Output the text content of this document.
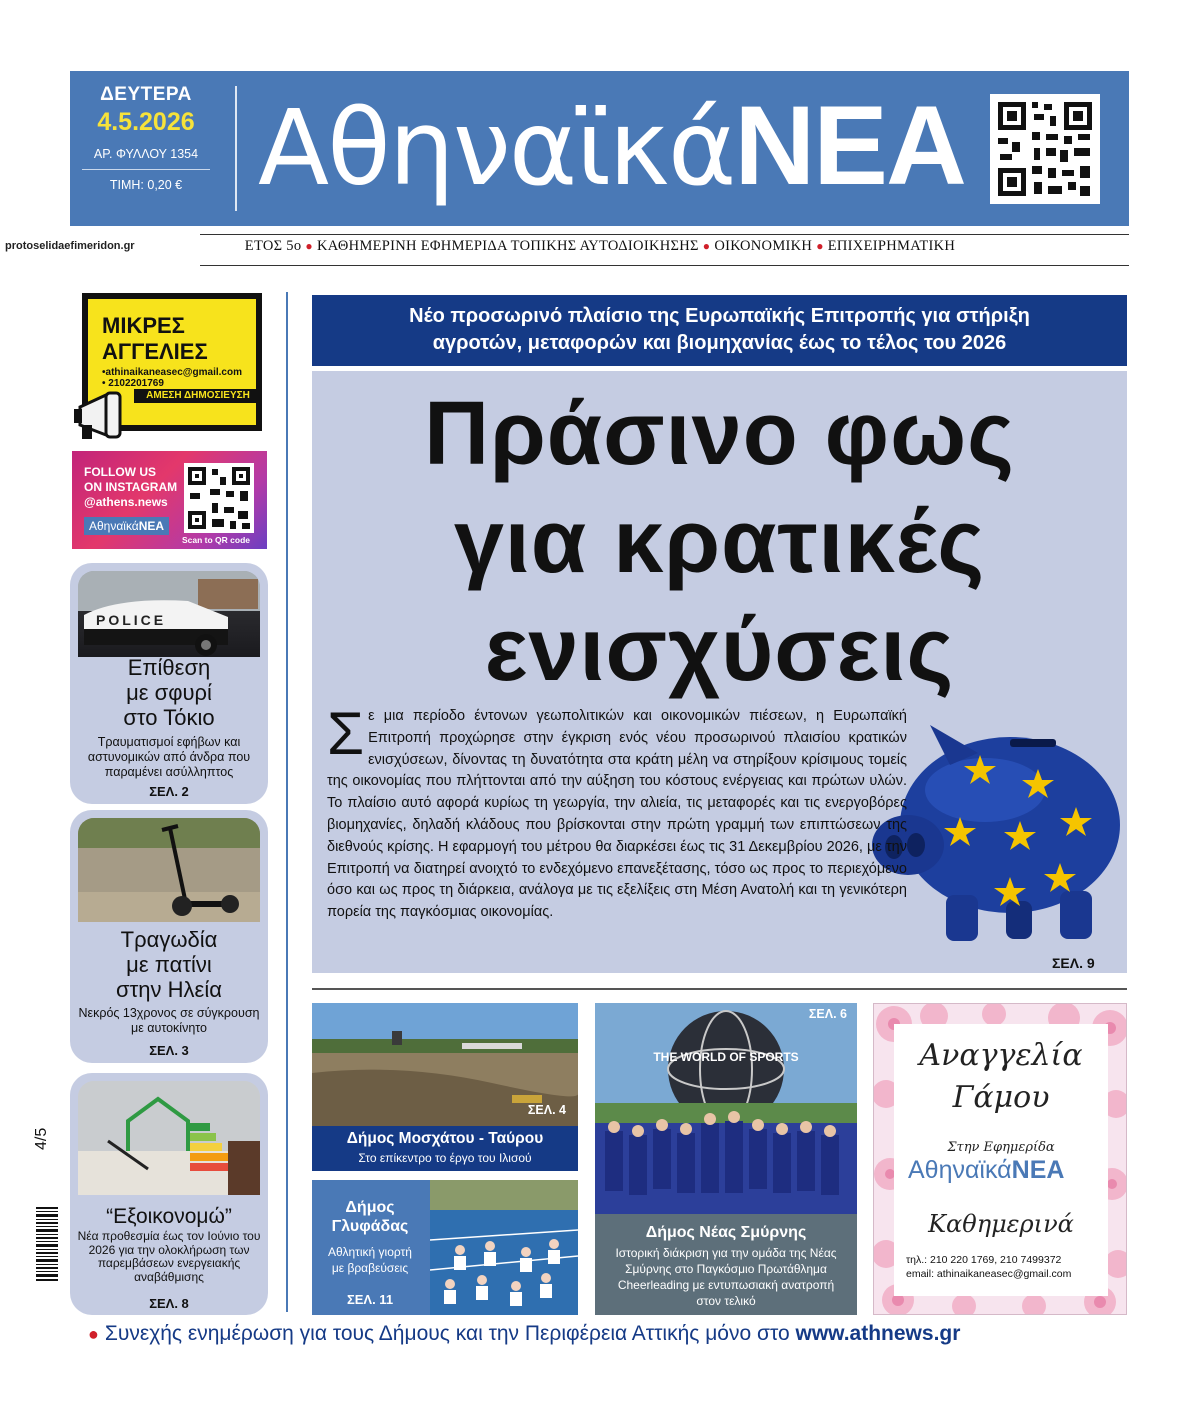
ΔΕΥΤΕΡΑ
4.5.2026
ΑΡ. ΦΥΛΛΟΥ 1354
ΤΙΜΗ: 0,20 € ΑθηναϊκάΝΕΑ
protoselidaefimeridon.gr	ΕΤΟΣ 5ο ● ΚΑΘΗΜΕΡΙΝΗ ΕΦΗΜΕΡΙΔΑ ΤΟΠΙΚΗΣ ΑΥΤΟΔΙΟΙΚΗΣΗΣ ● ΟΙΚΟΝΟΜΙΚΗ ● ΕΠΙΧΕΙΡΗΜΑΤΙΚΗ
ΜΙΚΡΕΣ
ΑΓΓΕΛΙΕΣ
•athinaikaneasec@gmail.com
• 2102201769
ΑΜΕΣΗ ΔΗΜΟΣΙΕΥΣΗ
FOLLOW US
ON INSTAGRAM
@athens.news
ΑθηναϊκάΝΕΑ
Scan to QR code
POLICE
Επίθεση
με σφυρί
στο Τόκιο
Τραυματισμοί εφήβων και αστυνομικών από άνδρα που παραμένει ασύλληπτος
ΣΕΛ. 2
Τραγωδία
με πατίνι
στην Ηλεία
Νεκρός 13χρονος σε σύγκρουση με αυτοκίνητο
ΣΕΛ. 3
“Εξοικονομώ”
Νέα προθεσμία έως τον Ιούνιο του 2026 για την ολοκλήρωση των παρεμβάσεων ενεργειακής αναβάθμισης
ΣΕΛ. 8
4/5
Νέο προσωρινό πλαίσιο της Ευρωπαϊκής Επιτροπής για στήριξη
αγροτών, μεταφορών και βιομηχανίας έως το τέλος του 2026
Πράσινο φως
για κρατικές
ενισχύσεις
Σε μια περίοδο έντονων γεωπολιτικών και οικονομικών πιέσεων, η Ευρωπαϊκή Επιτροπή προχώρησε στην έγκριση ενός νέου προσωρινού πλαισίου κρατικών ενισχύσεων, δίνοντας τη δυνατότητα στα κράτη μέλη να στηρίξουν κρίσιμους τομείς της οικονομίας που πλήττονται από την αύξηση του κόστους ενέργειας και πρώτων υλών. Το πλαίσιο αυτό αφορά κυρίως τη γεωργία, την αλιεία, τις μεταφορές και τις ενεργοβόρες βιομηχανίες, δηλαδή κλάδους που βρίσκονται στην πρώτη γραμμή των επιπτώσεων της διεθνούς κρίσης. Η εφαρμογή του μέτρου θα διαρκέσει έως τις 31 Δεκεμβρίου 2026, με την Επιτροπή να διατηρεί ανοιχτό το ενδεχόμενο επανεξέτασης, τόσο ως προς το περιεχόμενο όσο και ως προς τη διάρκεια, ανάλογα με τις εξελίξεις στη Μέση Ανατολή και τη γενικότερη πορεία της παγκόσμιας οικονομίας.
ΣΕΛ. 9
ΣΕΛ. 4
Δήμος Μοσχάτου - Ταύρου
Στο επίκεντρο το έργο του Ιλισού
Δήμος
Γλυφάδας
Αθλητική γιορτή
με βραβεύσεις
ΣΕΛ. 11
THE WORLD OF SPORTS
ΣΕΛ. 6
Δήμος Νέας Σμύρνης
Ιστορική διάκριση για την ομάδα της Νέας Σμύρνης στο Παγκόσμιο Πρωτάθλημα Cheerleading με εντυπωσιακή ανατροπή στον τελικό
Αναγγελία
Γάμου
Στην Εφημερίδα
ΑθηναϊκάΝΕΑ
Καθημερινά
τηλ.: 210 220 1769, 210 7499372
email: athinaikaneasec@gmail.com
● Συνεχής ενημέρωση για τους Δήμους και την Περιφέρεια Αττικής μόνο στο www.athnews.gr
